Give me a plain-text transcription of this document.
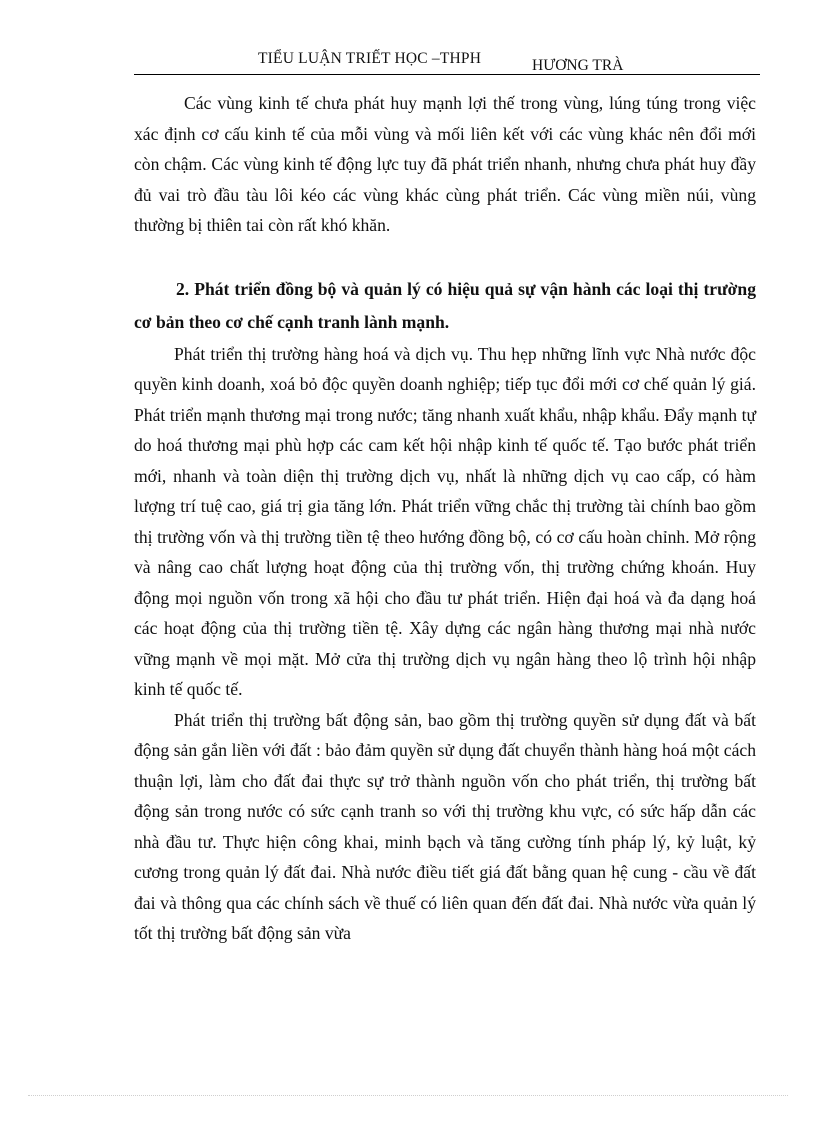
TIỂU LUẬN TRIẾT HỌC –THPH	HƯƠNG TRÀ

Các vùng kinh tế chưa phát huy mạnh lợi thế trong vùng, lúng túng trong việc xác định cơ cấu kinh tế của mỗi vùng và mối liên kết với các vùng khác nên đổi mới còn chậm. Các vùng kinh tế động lực tuy đã phát triển nhanh, nhưng chưa phát huy đầy đủ vai trò đầu tàu lôi kéo các vùng khác cùng phát triển. Các vùng miền núi, vùng thường bị thiên tai còn rất khó khăn.

2. Phát triển đồng bộ và quản lý có hiệu quả sự vận hành các loại thị trường cơ bản theo cơ chế cạnh tranh lành mạnh.

Phát triển thị trường hàng hoá và dịch vụ. Thu hẹp những lĩnh vực Nhà nước độc quyền kinh doanh, xoá bỏ độc quyền doanh nghiệp; tiếp tục đổi mới cơ chế quản lý giá. Phát triển mạnh thương mại trong nước; tăng nhanh xuất khẩu, nhập khẩu. Đẩy mạnh tự do hoá thương mại phù hợp các cam kết hội nhập kinh tế quốc tế. Tạo bước phát triển mới, nhanh và toàn diện thị trường dịch vụ, nhất là những dịch vụ cao cấp, có hàm lượng trí tuệ cao, giá trị gia tăng lớn. Phát triển vững chắc thị trường tài chính bao gồm thị trường vốn và thị trường tiền tệ theo hướng đồng bộ, có cơ cấu hoàn chỉnh. Mở rộng và nâng cao chất lượng hoạt động của thị trường vốn, thị trường chứng khoán. Huy động mọi nguồn vốn trong xã hội cho đầu tư phát triển. Hiện đại hoá và đa dạng hoá các hoạt động của thị trường tiền tệ. Xây dựng các ngân hàng thương mại nhà nước vững mạnh về mọi mặt. Mở cửa thị trường dịch vụ ngân hàng theo lộ trình hội nhập kinh tế quốc tế.

Phát triển thị trường bất động sản, bao gồm thị trường quyền sử dụng đất và bất động sản gắn liền với đất : bảo đảm quyền sử dụng đất chuyển thành hàng hoá một cách thuận lợi, làm cho đất đai thực sự trở thành nguồn vốn cho phát triển, thị trường bất động sản trong nước có sức cạnh tranh so với thị trường khu vực, có sức hấp dẫn các nhà đầu tư. Thực hiện công khai, minh bạch và tăng cường tính pháp lý, kỷ luật, kỷ cương trong quản lý đất đai. Nhà nước điều tiết giá đất bằng quan hệ cung - cầu về đất đai và thông qua các chính sách về thuế có liên quan đến đất đai. Nhà nước vừa quản lý tốt thị trường bất động sản vừa
